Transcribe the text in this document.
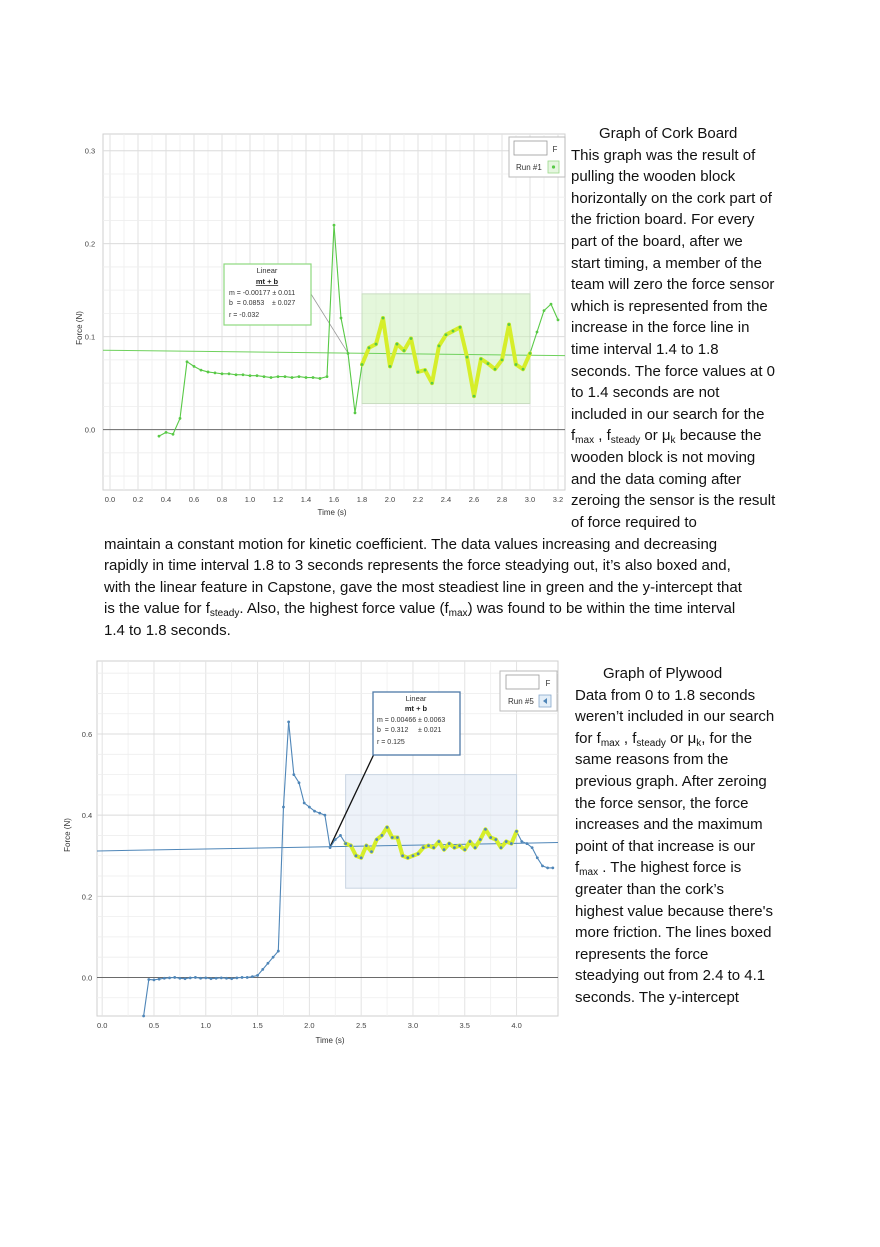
0.0 0.2 0.4 0.6 0.8 1.0 1.2 1.4 1.6 1.8 2.0 2.2 2.4 2.6 2.8 3.0 3.2
0.0
0.1
0.2
0.3
Time (s)
Force (N)
F
Run #1
Linear
mt + b
m = -0.00177 ± 0.011
b  = 0.0853    ± 0.027
r = -0.032

Graph of Cork Board

This graph was the result of pulling the wooden block horizontally on the cork part of the friction board. For every part of the board, after we start timing, a member of the team will zero the force sensor which is represented from the increase in the force line in time interval 1.4 to 1.8 seconds. The force values at 0 to 1.4 seconds are not included in our search for the $f_{max}$ , $f_{steady}$ or $\mu_k$ because the wooden block is not moving and the data coming after zeroing the sensor is the result of force required to

maintain a constant motion for kinetic coefficient. The data values increasing and decreasing

rapidly in time interval 1.8 to 3 seconds represents the force steadying out, it’s also boxed and,

with the linear feature in Capstone, gave the most steadiest line in green and the y-intercept that

is the value for $f_{steady}$. Also, the highest force value $(f_{max})$ was found to be within the time interval

1.4 to 1.8 seconds.

0.0	0.5	1.0	1.5	2.0	2.5	3.0	3.5	4.0
0.0
0.2
0.4
0.6
Time (s)
Force (N)
F
Run #5
Linear
mt + b
m = 0.00466 ± 0.0063
b  = 0.312     ± 0.021
r = 0.125

Graph of Plywood

Data from 0 to 1.8 seconds weren’t included in our search for $f_{max}$ , $f_{steady}$ or $\mu_k$, for the same reasons from the previous graph. After zeroing the force sensor, the force increases and the maximum point of that increase is our $f_{max}$ . The highest force is greater than the cork’s highest value because there's more friction. The lines boxed represents the force steadying out from 2.4 to 4.1 seconds. The y-intercept
